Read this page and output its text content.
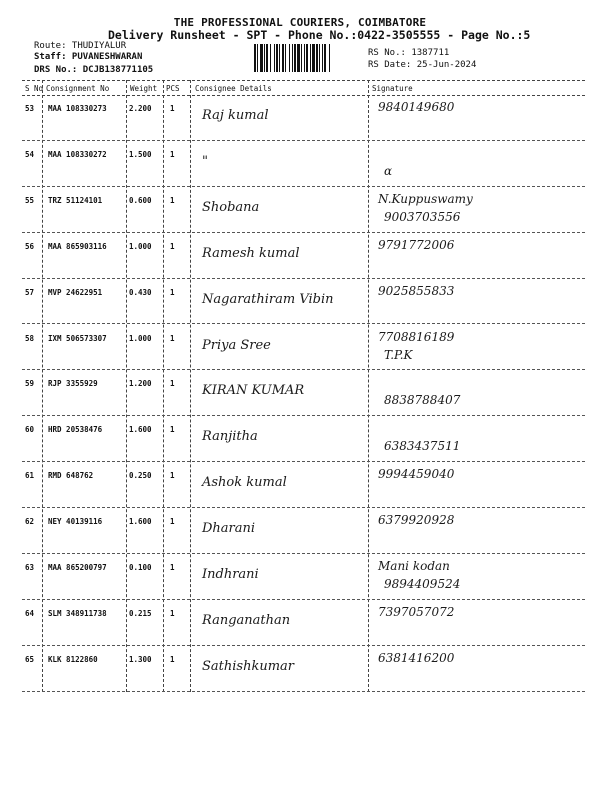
THE PROFESSIONAL COURIERS, COIMBATORE
Delivery Runsheet - SPT - Phone No.:0422-3505555 - Page No.:5
Route: THUDIYALUR
Staff: PUVANESHWARAN
DRS No.: DCJB138771105
RS No.: 1387711
RS Date: 25-Jun-2024
S No Consignment No	Weight PCS Consignee Details	Signature
53 MAA 108330273	2.200 1 Raj kumal
9840149680
54 MAA 108330272	1.500 1 "
α
55 TRZ 51124101	0.600 1 Shobana
N.Kuppuswamy
9003703556
56 MAA 865903116	1.000 1 Ramesh kumal
9791772006
57 MVP 24622951	0.430 1 Nagarathiram Vibin
9025855833
58 IXM 506573307	1.000 1 Priya Sree
7708816189
T.P.K
59 RJP 3355929	1.200 1 KIRAN KUMAR
8838788407
60 HRD 20538476	1.600 1 Ranjitha
6383437511
61 RMD 648762	0.250 1 Ashok kumal
9994459040
62 NEY 40139116	1.600 1 Dharani
6379920928
63 MAA 865200797	0.100 1 Indhrani
Mani kodan
9894409524
64 SLM 348911738	0.215 1 Ranganathan
7397057072
65 KLK 8122860	1.300 1 Sathishkumar
6381416200
